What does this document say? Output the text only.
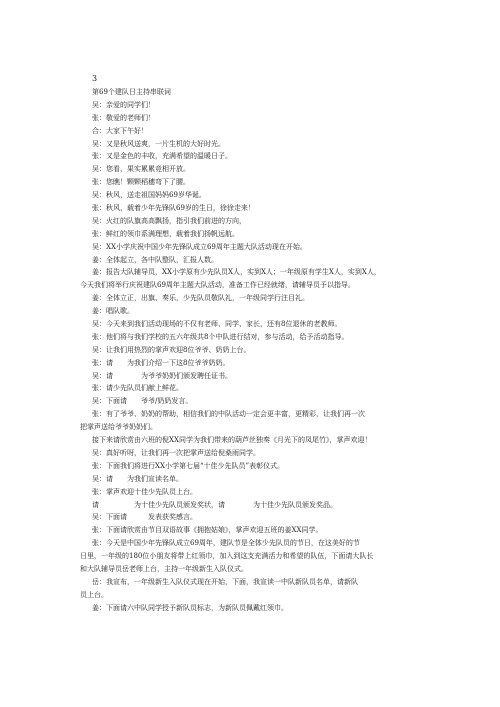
3
第69个建队日主持串联词
吴：亲爱的同学们！
张：敬爱的老师们！
合：大家下午好！
吴：又是秋风送爽，一片生机的大好时光。
张：又是金色的丰收，充满希望的温暖日子。
吴：您看，果实累累竞相开放。
张：您瞧！颗颗稻穗弯下了腰。
吴：秋风，送走祖国妈妈69岁华诞。
张：秋风，载着少年先锋队69岁的生日，徐徐走来！
吴：火红的队旗高高飘扬，指引我们前进的方向，
张：鲜红的领巾系满理想，载着我们扬帆远航。
吴：XX小学庆祝中国少年先锋队成立69周年主题大队活动现在开始。
姜：全体起立，各中队整队，汇报人数。
姜：报告大队辅导员，XX小学原有少先队员X人，实到X人；一年级原有学生X人，实到X人，
今天我们将举行庆祝建队69周年主题大队活动，准备工作已经就绪，请辅导员予以指导。
姜：全体立正，出旗、奏乐，少先队员敬队礼，一年级同学行注目礼。
姜：唱队歌。
吴：今天来到我们活动现场的不仅有老师、同学、家长，还有8位退休的老教师。
张：他们将与我们学校的五六年级共8个中队进行结对，参与活动，给予活动指导。
吴：让我们用热烈的掌声欢迎8位爷爷、奶奶上台。
张：请　　为我们介绍一下这8位爷爷奶奶。
吴：请　　　　为爷爷奶奶们颁发聘任证书。
张：请少先队员们献上鲜花。
吴：下面请　　爷爷/奶奶发言。
张：有了爷爷、奶奶的帮助，相信我们的中队活动一定会更丰富，更精彩，让我们再一次
把掌声送给爷爷奶奶们。
接下来请欣赏由六班的倪XX同学为我们带来的葫芦丝独奏《月光下的凤尾竹》，掌声欢迎！
吴：真好听呀，让我们再一次把掌声送给倪桑雨同学。
张：下面我们将进行XX小学第七届“十佳少先队员”表彰仪式。
吴：请　　为我们宣读名单。
张：掌声欢迎十佳少先队员上台。
请　　　　　为十佳少先队员颁发奖状，请　　　　为十佳少先队员颁发奖品。
吴：下面请　　　发表获奖感言。
张：下面请欣赏由节目双语故事《拥抱姑娘》，掌声欢迎五班的姜XX同学。
张：今天是中国少年先锋队成立69周年，建队节是全体少先队员的节日，在这美好的节
日里，一年级的180位小朋友将带上红领巾，加入到这支充满活力和希望的队伍，下面请大队长
和大队辅导员岳老师上台，主持一年级新生入队仪式。
岳：我宣布，一年级新生入队仪式现在开始，下面，我宣读一中队新队员名单，请新队
员上台。
姜：下面请六中队同学授予新队员标志，为新队员佩戴红领巾。
